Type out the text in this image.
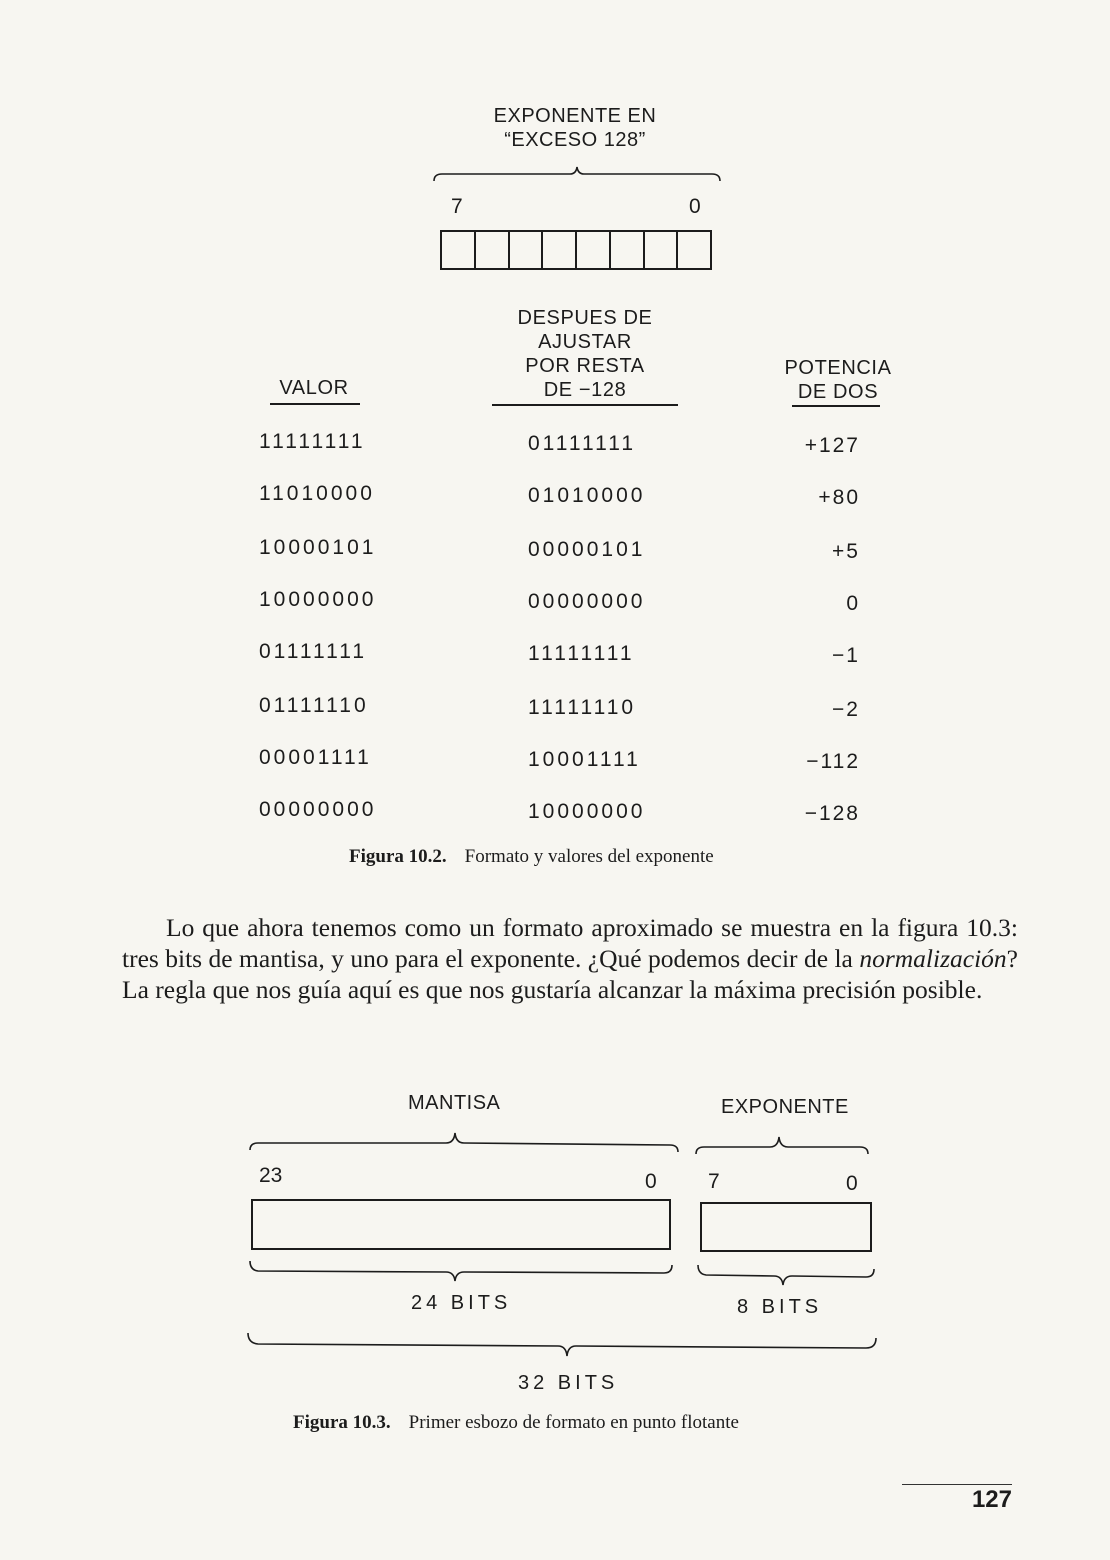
EXPONENTE EN
“EXCESO 128”
7	0
VALOR
DESPUES DE
AJUSTAR
POR RESTA
DE −128
POTENCIA
DE DOS
11111111	01111111	+127
11010000	01010000	+80
10000101	00000101	+5
10000000	00000000	0
01111111	11111111	−1
01111110	11111110	−2
00001111	10001111	−112
00000000	10000000	−128
Figura 10.2. Formato y valores del exponente

Lo que ahora tenemos como un formato aproximado se muestra en la figura 10.3: tres bits de mantisa, y uno para el exponente. ¿Qué podemos decir de la normalización? La regla que nos guía aquí es que nos gustaría alcanzar la máxima precisión posible.

MANTISA	EXPONENTE
23	0 7	0
24 BITS	8 BITS
32 BITS
Figura 10.3. Primer esbozo de formato en punto flotante
127
